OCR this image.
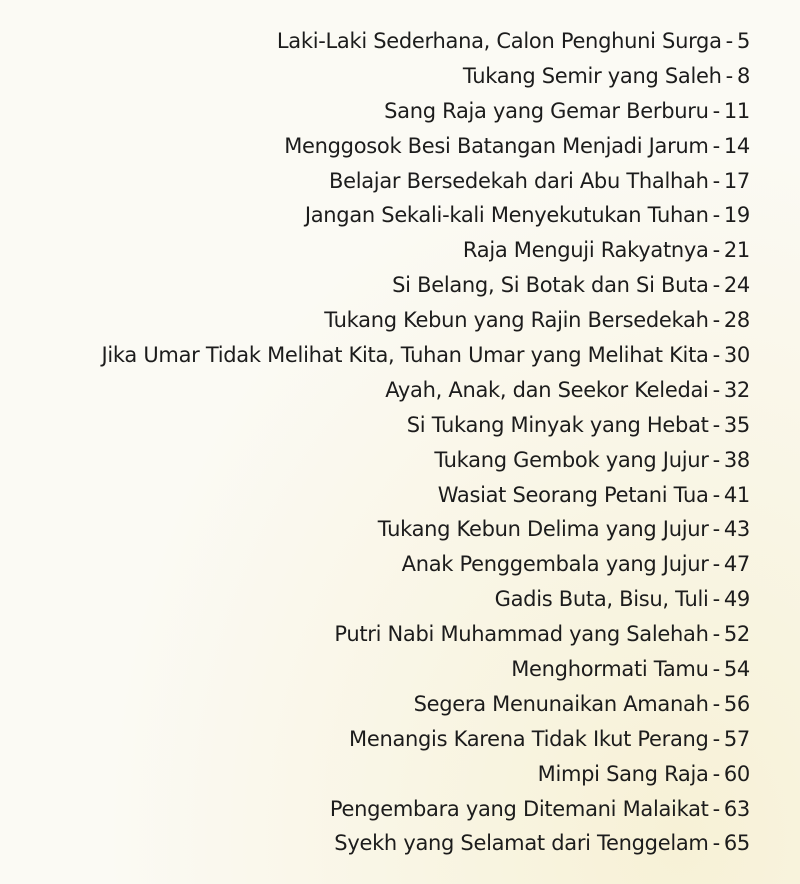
Laki-Laki Sederhana, Calon Penghuni Surga - 5
Tukang Semir yang Saleh - 8
Sang Raja yang Gemar Berburu - 11
Menggosok Besi Batangan Menjadi Jarum - 14
Belajar Bersedekah dari Abu Thalhah - 17
Jangan Sekali-kali Menyekutukan Tuhan - 19
Raja Menguji Rakyatnya - 21
Si Belang, Si Botak dan Si Buta - 24
Tukang Kebun yang Rajin Bersedekah - 28
Jika Umar Tidak Melihat Kita, Tuhan Umar yang Melihat Kita - 30
Ayah, Anak, dan Seekor Keledai - 32
Si Tukang Minyak yang Hebat - 35
Tukang Gembok yang Jujur - 38
Wasiat Seorang Petani Tua - 41
Tukang Kebun Delima yang Jujur - 43
Anak Penggembala yang Jujur - 47
Gadis Buta, Bisu, Tuli - 49
Putri Nabi Muhammad yang Salehah - 52
Menghormati Tamu - 54
Segera Menunaikan Amanah - 56
Menangis Karena Tidak Ikut Perang - 57
Mimpi Sang Raja - 60
Pengembara yang Ditemani Malaikat - 63
Syekh yang Selamat dari Tenggelam - 65
